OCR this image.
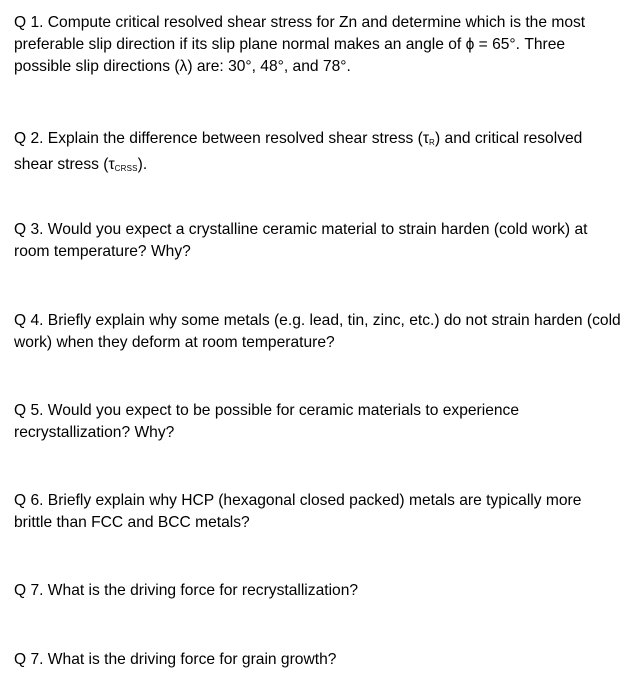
Q 1. Compute critical resolved shear stress for Zn and determine which is the most
preferable slip direction if its slip plane normal makes an angle of ϕ = 65°. Three
possible slip directions (λ) are: 30°, 48°, and 78°.
Q 2. Explain the difference between resolved shear stress $(\tau_R)$ and critical resolved
shear stress $(\tau_{CRSS})$.
Q 3. Would you expect a crystalline ceramic material to strain harden (cold work) at
room temperature? Why?
Q 4. Briefly explain why some metals (e.g. lead, tin, zinc, etc.) do not strain harden (cold
work) when they deform at room temperature?
Q 5. Would you expect to be possible for ceramic materials to experience
recrystallization? Why?
Q 6. Briefly explain why HCP (hexagonal closed packed) metals are typically more
brittle than FCC and BCC metals?
Q 7. What is the driving force for recrystallization?
Q 7. What is the driving force for grain growth?
